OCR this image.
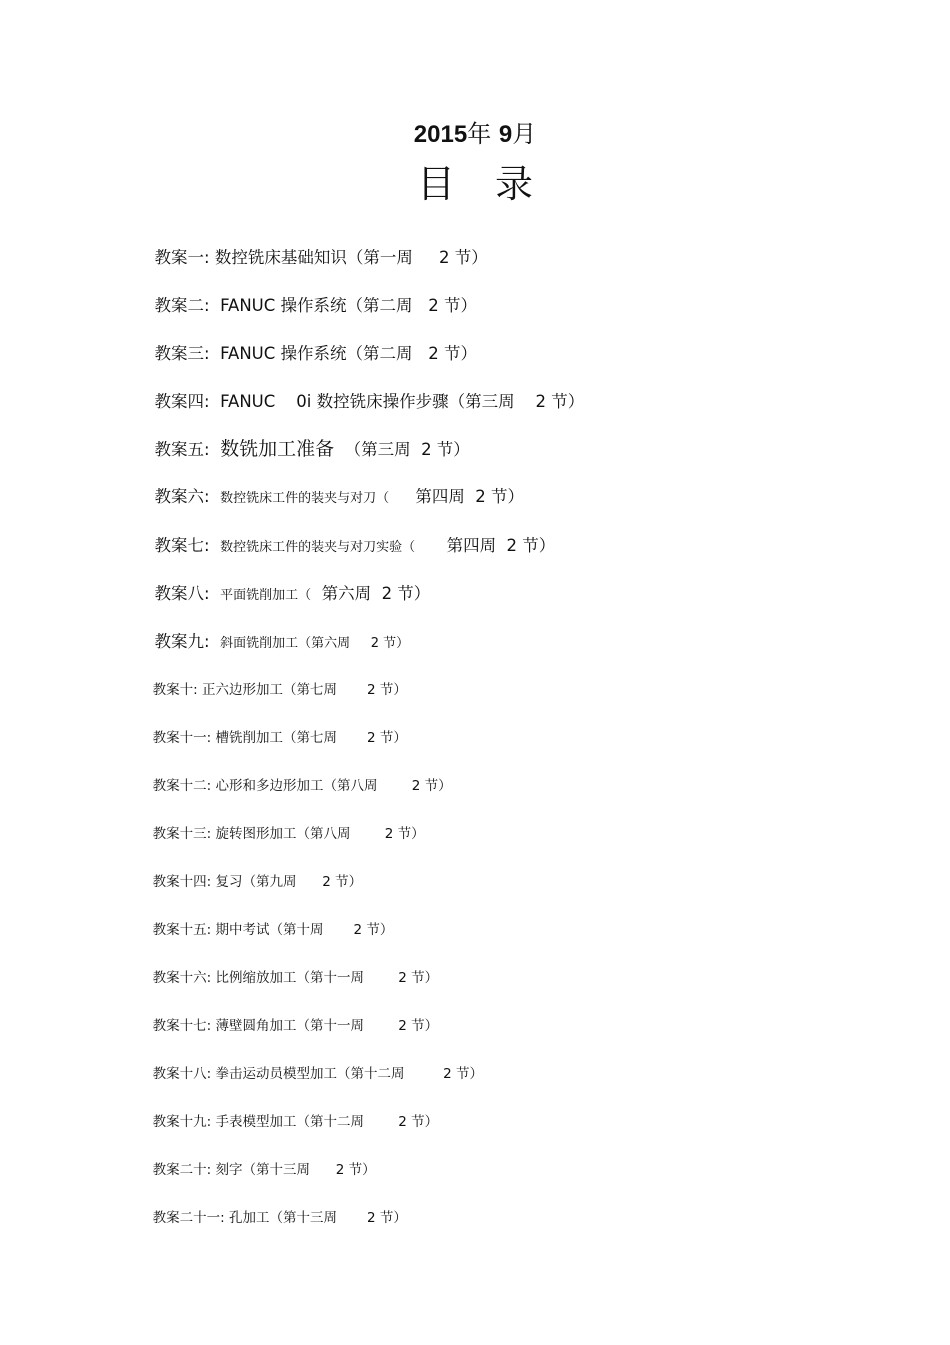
2015年 9月
目 录

教案一: 数控铣床基础知识（第一周     2 节）

教案二: FANUC 操作系统（第二周   2 节）

教案三: FANUC 操作系统（第二周   2 节）

教案四: FANUC    0i 数控铣床操作步骤（第三周    2 节）

教案五: 数铣加工准备 （第三周  2 节）

教案六: 数控铣床工件的装夹与对刀（ 第四周  2 节）

教案七: 数控铣床工件的装夹与对刀实验（ 第四周  2 节）

教案八: 平面铣削加工（ 第六周  2 节）

教案九: 斜面铣削加工（第六周     2 节）

教案十: 正六边形加工（第七周       2 节）

教案十一: 槽铣削加工（第七周       2 节）

教案十二: 心形和多边形加工（第八周        2 节）

教案十三: 旋转图形加工（第八周        2 节）

教案十四: 复习（第九周      2 节）

教案十五: 期中考试（第十周       2 节）

教案十六: 比例缩放加工（第十一周        2 节）

教案十七: 薄壁圆角加工（第十一周        2 节）

教案十八: 拳击运动员模型加工（第十二周         2 节）

教案十九: 手表模型加工（第十二周        2 节）

教案二十: 刻字（第十三周      2 节）

教案二十一: 孔加工（第十三周       2 节）
